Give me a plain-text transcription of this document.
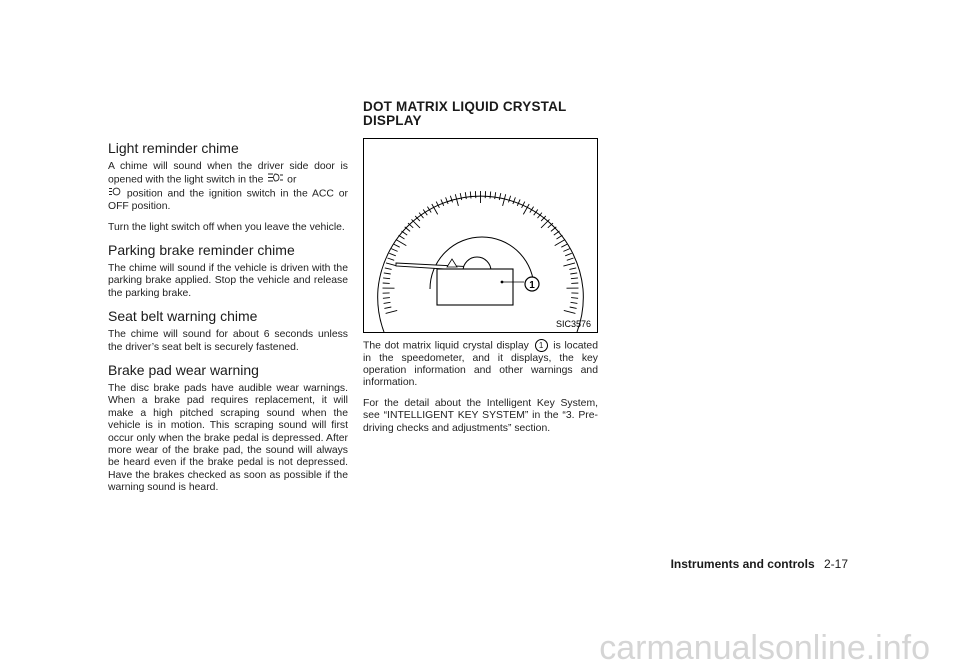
Light reminder chime

A chime will sound when the driver side door is opened with the light switch in the or
position and the ignition switch in the ACC or OFF position.

Turn the light switch off when you leave the vehicle.

Parking brake reminder chime

The chime will sound if the vehicle is driven with the parking brake applied. Stop the vehicle and release the parking brake.

Seat belt warning chime

The chime will sound for about 6 seconds unless the driver’s seat belt is securely fastened.

Brake pad wear warning

The disc brake pads have audible wear warnings. When a brake pad requires replacement, it will make a high pitched scraping sound when the vehicle is in motion. This scraping sound will first occur only when the brake pedal is depressed. After more wear of the brake pad, the sound will always be heard even if the brake pedal is not depressed. Have the brakes checked as soon as possible if the warning sound is heard.

DOT MATRIX LIQUID CRYSTAL
DISPLAY
1
SIC3576

The dot matrix liquid crystal display 1 is located in the speedometer, and it displays, the key operation information and other warnings and information.

For the detail about the Intelligent Key System, see “INTELLIGENT KEY SYSTEM” in the “3. Pre-driving checks and adjustments” section.

Instruments and controls 2-17
carmanualsonline.info
